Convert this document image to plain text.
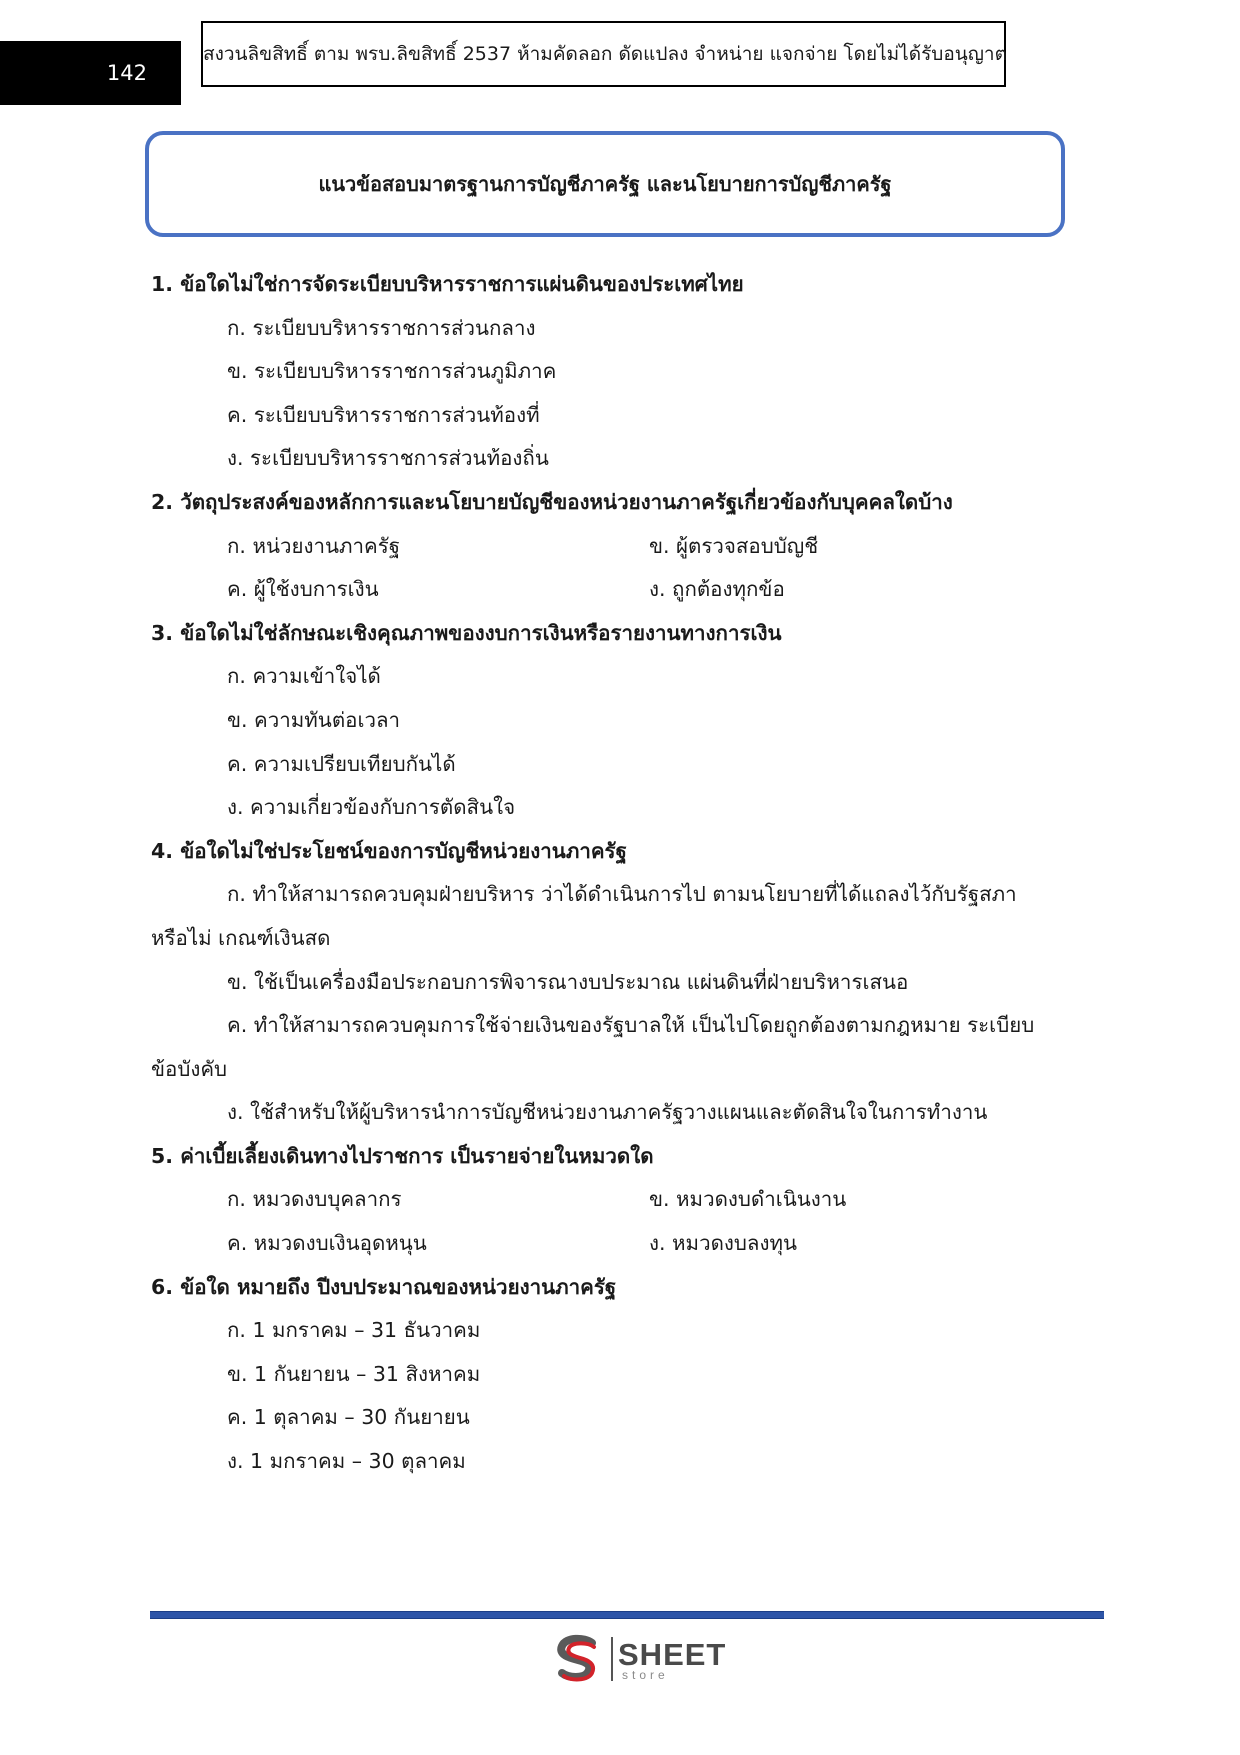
142
สงวนลิขสิทธิ์ ตาม พรบ.ลิขสิทธิ์ 2537 ห้ามคัดลอก ดัดแปลง จำหน่าย แจกจ่าย โดยไม่ได้รับอนุญาต
แนวข้อสอบมาตรฐานการบัญชีภาครัฐ และนโยบายการบัญชีภาครัฐ
1. ข้อใดไม่ใช่การจัดระเบียบบริหารราชการแผ่นดินของประเทศไทย
ก. ระเบียบบริหารราชการส่วนกลาง
ข. ระเบียบบริหารราชการส่วนภูมิภาค
ค. ระเบียบบริหารราชการส่วนท้องที่
ง. ระเบียบบริหารราชการส่วนท้องถิ่น
2. วัตถุประสงค์ของหลักการและนโยบายบัญชีของหน่วยงานภาครัฐเกี่ยวข้องกับบุคคลใดบ้าง
ก. หน่วยงานภาครัฐ	ข. ผู้ตรวจสอบบัญชี
ค. ผู้ใช้งบการเงิน	ง. ถูกต้องทุกข้อ
3. ข้อใดไม่ใช่ลักษณะเชิงคุณภาพของงบการเงินหรือรายงานทางการเงิน
ก. ความเข้าใจได้
ข. ความทันต่อเวลา
ค. ความเปรียบเทียบกันได้
ง. ความเกี่ยวข้องกับการตัดสินใจ
4. ข้อใดไม่ใช่ประโยชน์ของการบัญชีหน่วยงานภาครัฐ
ก. ทำให้สามารถควบคุมฝ่ายบริหาร ว่าได้ดำเนินการไป ตามนโยบายที่ได้แถลงไว้กับรัฐสภา
หรือไม่ เกณฑ์เงินสด
ข. ใช้เป็นเครื่องมือประกอบการพิจารณางบประมาณ แผ่นดินที่ฝ่ายบริหารเสนอ
ค. ทำให้สามารถควบคุมการใช้จ่ายเงินของรัฐบาลให้ เป็นไปโดยถูกต้องตามกฎหมาย ระเบียบ
ข้อบังคับ
ง. ใช้สำหรับให้ผู้บริหารนำการบัญชีหน่วยงานภาครัฐวางแผนและตัดสินใจในการทำงาน
5. ค่าเบี้ยเลี้ยงเดินทางไปราชการ เป็นรายจ่ายในหมวดใด
ก. หมวดงบบุคลากร	ข. หมวดงบดำเนินงาน
ค. หมวดงบเงินอุดหนุน	ง. หมวดงบลงทุน
6. ข้อใด หมายถึง ปีงบประมาณของหน่วยงานภาครัฐ
ก. 1 มกราคม – 31 ธันวาคม
ข. 1 กันยายน – 31 สิงหาคม
ค. 1 ตุลาคม – 30 กันยายน
ง. 1 มกราคม – 30 ตุลาคม
SHEET
store
